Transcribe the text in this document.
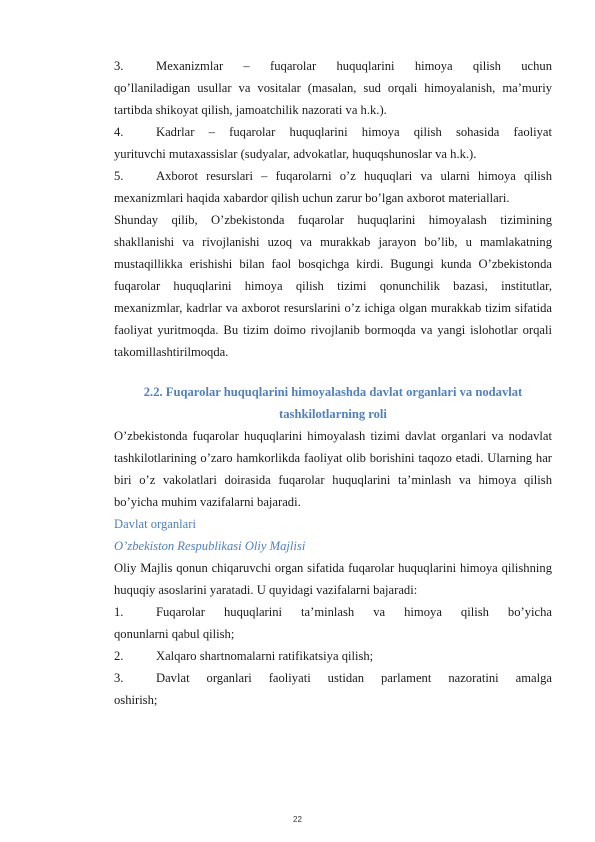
3.	Mexanizmlar – fuqarolar huquqlarini himoya qilish uchun

qo’llaniladigan usullar va vositalar (masalan, sud orqali himoyalanish, ma’muriy tartibda shikoyat qilish, jamoatchilik nazorati va h.k.).

4.	Kadrlar – fuqarolar huquqlarini himoya qilish sohasida faoliyat

yurituvchi mutaxassislar (sudyalar, advokatlar, huquqshunoslar va h.k.).

5.	Axborot resurslari – fuqarolarni o’z huquqlari va ularni himoya qilish

mexanizmlari haqida xabardor qilish uchun zarur bo’lgan axborot materiallari.

Shunday qilib, O’zbekistonda fuqarolar huquqlarini himoyalash tizimining shakllanishi va rivojlanishi uzoq va murakkab jarayon bo’lib, u mamlakatning mustaqillikka erishishi bilan faol bosqichga kirdi. Bugungi kunda O’zbekistonda fuqarolar huquqlarini himoya qilish tizimi qonunchilik bazasi, institutlar, mexanizmlar, kadrlar va axborot resurslarini o’z ichiga olgan murakkab tizim sifatida faoliyat yuritmoqda. Bu tizim doimo rivojlanib bormoqda va yangi islohotlar orqali takomillashtirilmoqda.

2.2. Fuqarolar huquqlarini himoyalashda davlat organlari va nodavlat
tashkilotlarning roli

O’zbekistonda fuqarolar huquqlarini himoyalash tizimi davlat organlari va nodavlat tashkilotlarining o’zaro hamkorlikda faoliyat olib borishini taqozo etadi. Ularning har biri o’z vakolatlari doirasida fuqarolar huquqlarini ta’minlash va himoya qilish bo’yicha muhim vazifalarni bajaradi.

Davlat organlari
O’zbekiston Respublikasi Oliy Majlisi

Oliy Majlis qonun chiqaruvchi organ sifatida fuqarolar huquqlarini himoya qilishning huquqiy asoslarini yaratadi. U quyidagi vazifalarni bajaradi:

1.	Fuqarolar huquqlarini ta’minlash va himoya qilish bo’yicha

qonunlarni qabul qilish;

2.	Xalqaro shartnomalarni ratifikatsiya qilish;

3.	Davlat organlari faoliyati ustidan parlament nazoratini amalga

oshirish;

22
